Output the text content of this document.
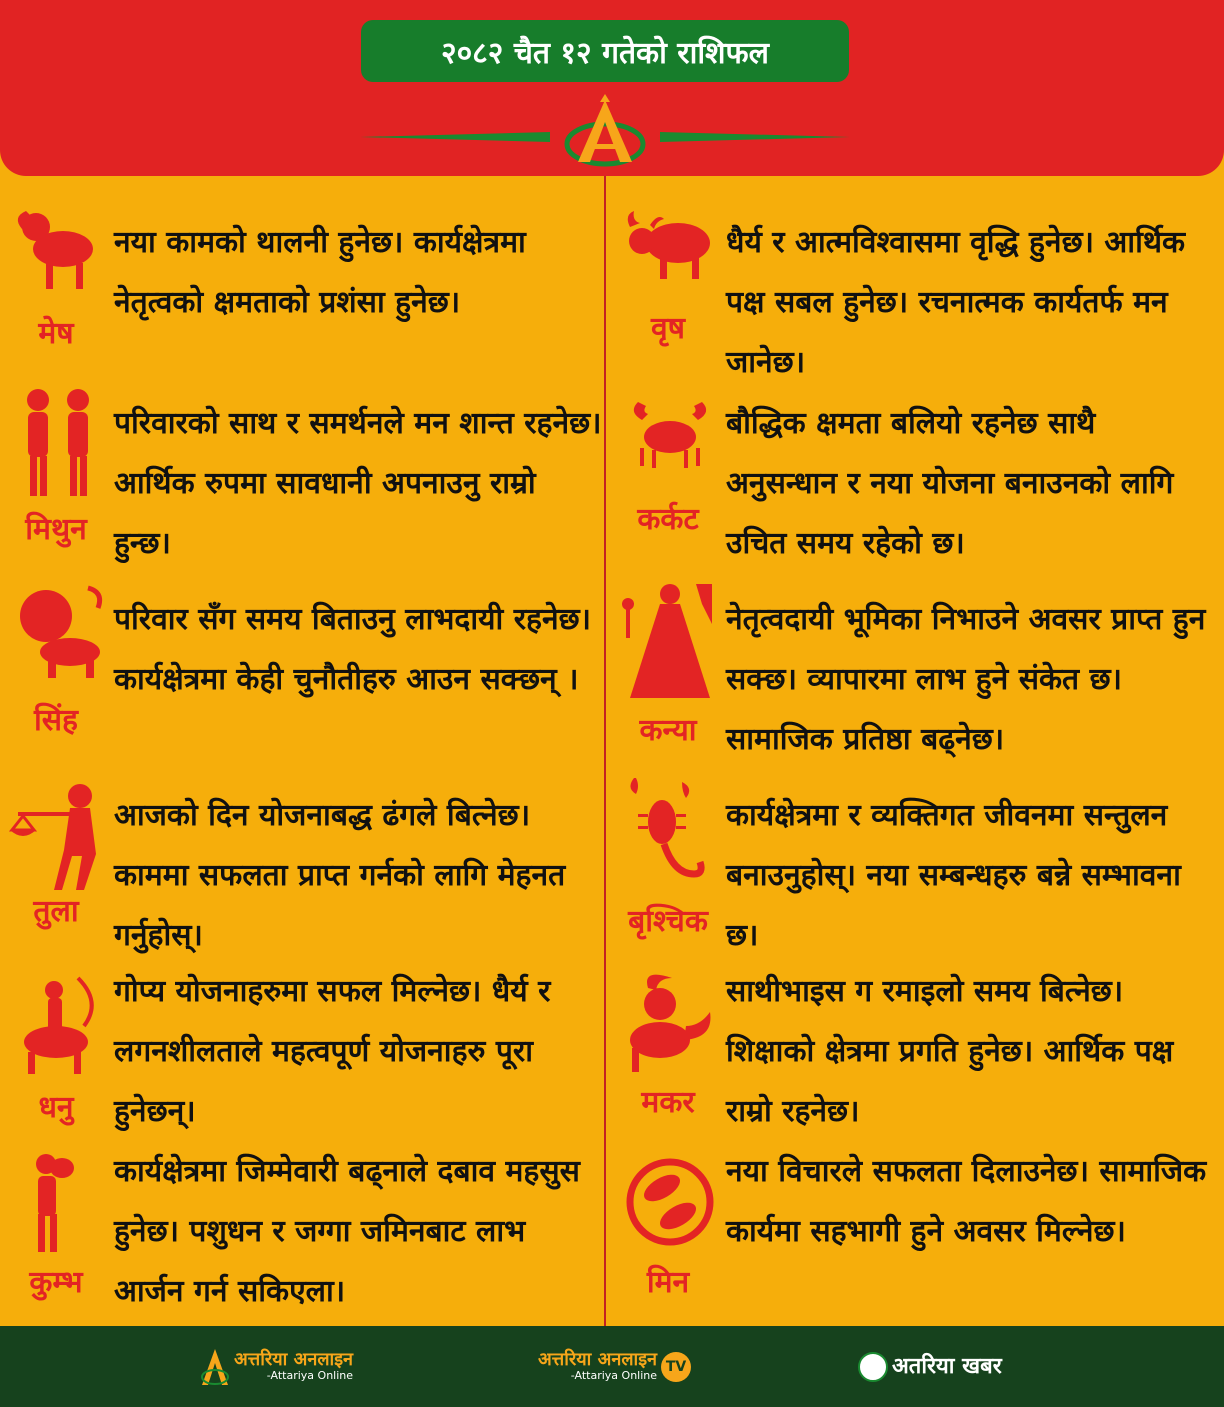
२०८२ चैत १२ गतेको राशिफल
मेष
नया कामको थालनी हुनेछ। कार्यक्षेत्रमा नेतृत्वको क्षमताको प्रशंसा हुनेछ।
वृष
धैर्य र आत्मविश्वासमा वृद्धि हुनेछ। आर्थिक पक्ष सबल हुनेछ। रचनात्मक कार्यतर्फ मन जानेछ।
मिथुन
परिवारको साथ र समर्थनले मन शान्त रहनेछ। आर्थिक रुपमा सावधानी अपनाउनु राम्रो हुन्छ।
कर्कट
बौद्धिक क्षमता बलियो रहनेछ साथै अनुसन्धान र नया योजना बनाउनको लागि उचित समय रहेको छ।
सिंह
परिवार सँग समय बिताउनु लाभदायी रहनेछ। कार्यक्षेत्रमा केही चुनौतीहरु आउन सक्छन् ।
कन्या
नेतृत्वदायी भूमिका निभाउने अवसर प्राप्त हुन सक्छ। व्यापारमा लाभ हुने संकेत छ। सामाजिक प्रतिष्ठा बढ्नेछ।
तुला
आजको दिन योजनाबद्ध ढंगले बित्नेछ। काममा सफलता प्राप्त गर्नको लागि मेहनत गर्नुहोस्।	बृश्चिक
कार्यक्षेत्रमा र व्यक्तिगत जीवनमा सन्तुलन बनाउनुहोस्। नया सम्बन्धहरु बन्ने सम्भावना छ।
धनु
गोप्य योजनाहरुमा सफल मिल्नेछ। धैर्य र लगनशीलताले महत्वपूर्ण योजनाहरु पूरा हुनेछन्।	मकर
साथीभाइस ग रमाइलो समय बित्नेछ। शिक्षाको क्षेत्रमा प्रगति हुनेछ। आर्थिक पक्ष राम्रो रहनेछ।
कुम्भ
कार्यक्षेत्रमा जिम्मेवारी बढ्नाले दबाव महसुस हुनेछ। पशुधन र जग्गा जमिनबाट लाभ आर्जन गर्न सकिएला।	मिन
नया विचारले सफलता दिलाउनेछ। सामाजिक कार्यमा सहभागी हुने अवसर मिल्नेछ।
अत्तरिया अनलाइन
-Attariya Online
अत्तरिया अनलाइन
-Attariya Online
TV	अतरिया खबर
